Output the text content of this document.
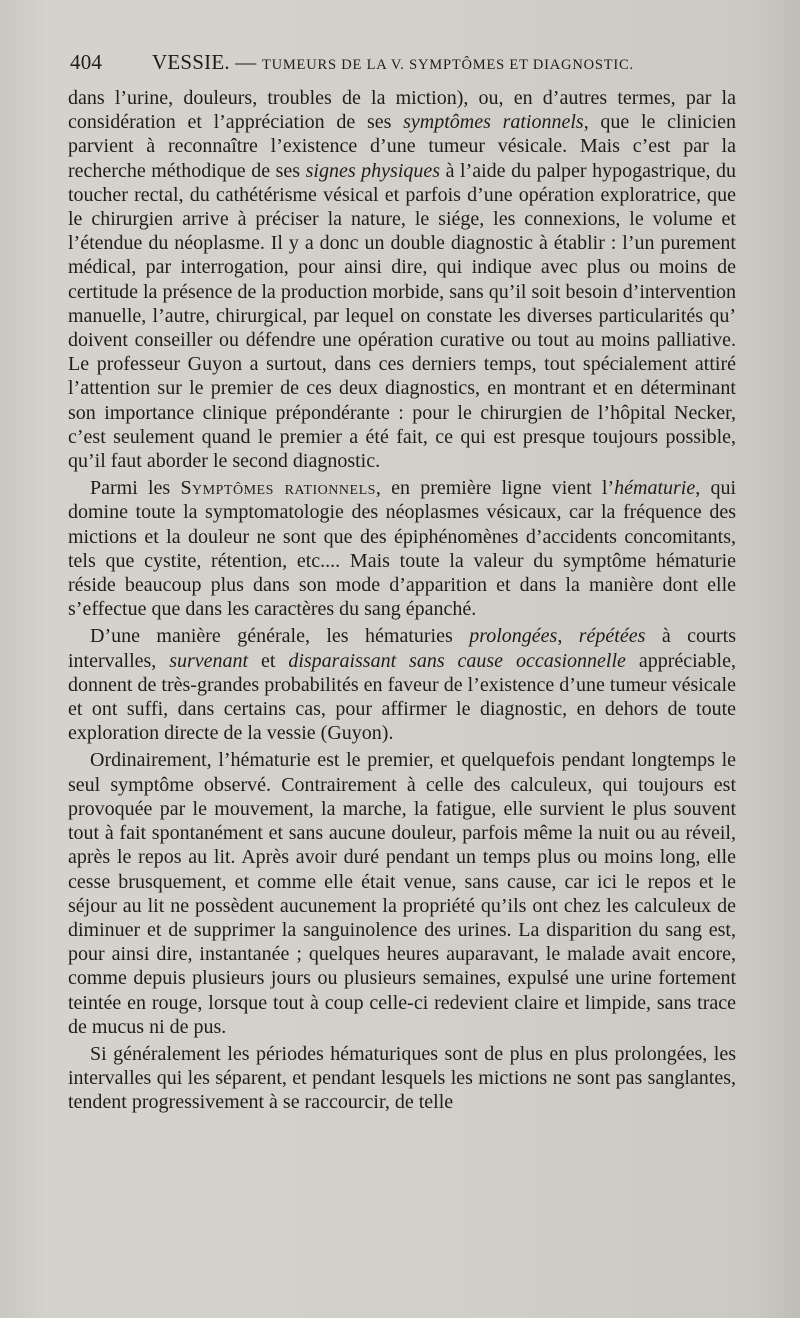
404 VESSIE. — TUMEURS DE LA V. SYMPTÔMES ET DIAGNOSTIC.

dans l’urine, douleurs, troubles de la miction), ou, en d’autres termes, par la considération et l’appréciation de ses symptômes rationnels, que le clinicien parvient à reconnaître l’existence d’une tumeur vésicale. Mais c’est par la recherche méthodique de ses signes physiques à l’aide du palper hypogastrique, du toucher rectal, du cathétérisme vésical et parfois d’une opération exploratrice, que le chirurgien arrive à préciser la nature, le siége, les connexions, le volume et l’étendue du néoplasme. Il y a donc un double diagnostic à établir : l’un purement médical, par interrogation, pour ainsi dire, qui indique avec plus ou moins de certitude la présence de la production morbide, sans qu’il soit besoin d’intervention manuelle, l’autre, chirurgical, par lequel on constate les diverses particularités qu’ doivent conseiller ou défendre une opération curative ou tout au moins palliative. Le professeur Guyon a surtout, dans ces derniers temps, tout spécialement attiré l’attention sur le premier de ces deux diagnostics, en montrant et en déterminant son importance clinique prépondérante : pour le chirurgien de l’hôpital Necker, c’est seulement quand le premier a été fait, ce qui est presque toujours possible, qu’il faut aborder le second diagnostic.

Parmi les Symptômes rationnels, en première ligne vient l’hématurie, qui domine toute la symptomatologie des néoplasmes vésicaux, car la fréquence des mictions et la douleur ne sont que des épiphénomènes d’accidents concomitants, tels que cystite, rétention, etc.... Mais toute la valeur du symptôme hématurie réside beaucoup plus dans son mode d’apparition et dans la manière dont elle s’effectue que dans les caractères du sang épanché.

D’une manière générale, les hématuries prolongées, répétées à courts intervalles, survenant et disparaissant sans cause occasionnelle appréciable, donnent de très-grandes probabilités en faveur de l’existence d’une tumeur vésicale et ont suffi, dans certains cas, pour affirmer le diagnostic, en dehors de toute exploration directe de la vessie (Guyon).

Ordinairement, l’hématurie est le premier, et quelquefois pendant longtemps le seul symptôme observé. Contrairement à celle des calculeux, qui toujours est provoquée par le mouvement, la marche, la fatigue, elle survient le plus souvent tout à fait spontanément et sans aucune douleur, parfois même la nuit ou au réveil, après le repos au lit. Après avoir duré pendant un temps plus ou moins long, elle cesse brusquement, et comme elle était venue, sans cause, car ici le repos et le séjour au lit ne possèdent aucunement la propriété qu’ils ont chez les calculeux de diminuer et de supprimer la sanguinolence des urines. La disparition du sang est, pour ainsi dire, instantanée ; quelques heures auparavant, le malade avait encore, comme depuis plusieurs jours ou plusieurs semaines, expulsé une urine fortement teintée en rouge, lorsque tout à coup celle-ci redevient claire et limpide, sans trace de mucus ni de pus.

Si généralement les périodes hématuriques sont de plus en plus prolongées, les intervalles qui les séparent, et pendant lesquels les mictions ne sont pas sanglantes, tendent progressivement à se raccourcir, de telle
